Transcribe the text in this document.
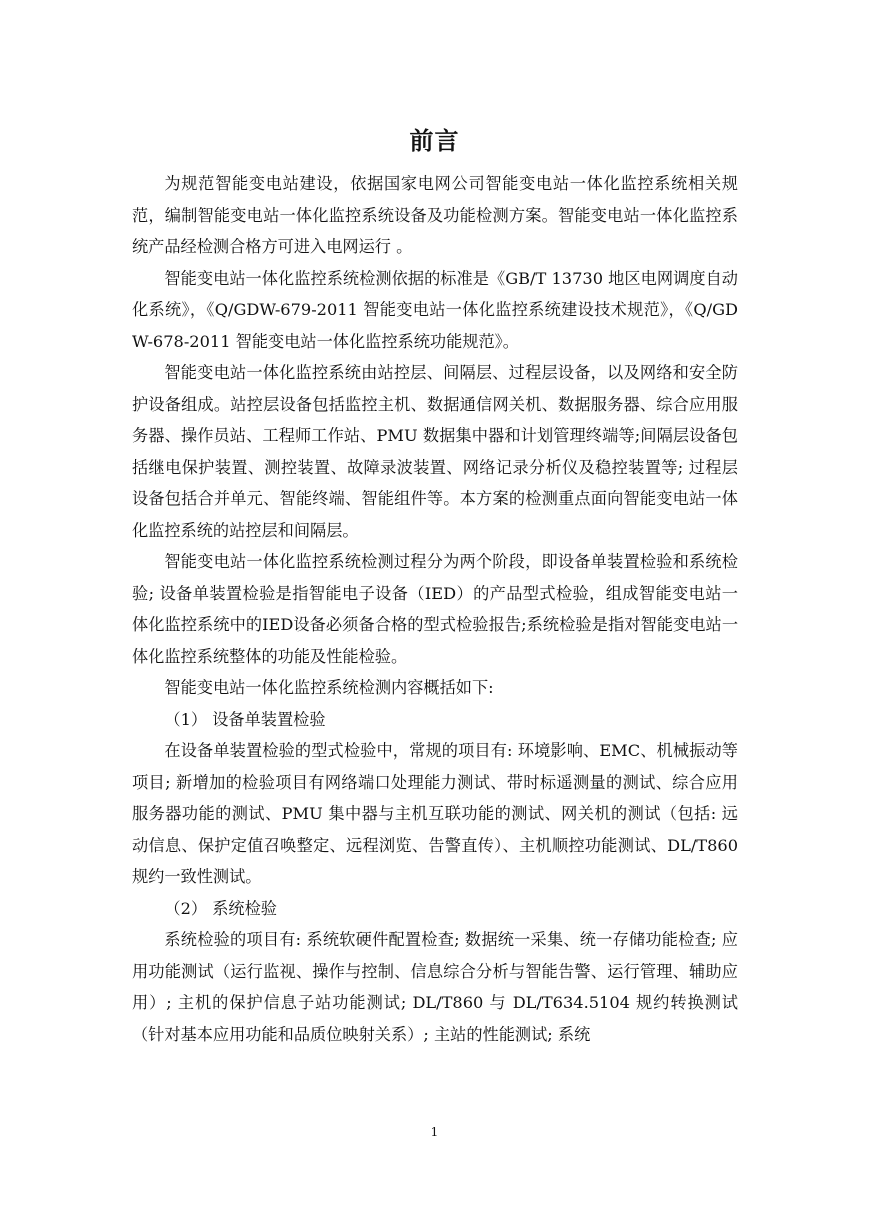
前言

为规范智能变电站建设，依据国家电网公司智能变电站一体化监控系统相关规范，编制智能变电站一体化监控系统设备及功能检测方案。智能变电站一体化监控系统产品经检测合格方可进入电网运行 。

智能变电站一体化监控系统检测依据的标准是《GB/T 13730 地区电网调度自动化系统》，《Q/GDW-679-2011 智能变电站一体化监控系统建设技术规范》，《Q/GDW-678-2011 智能变电站一体化监控系统功能规范》。

智能变电站一体化监控系统由站控层、间隔层、过程层设备，以及网络和安全防护设备组成。站控层设备包括监控主机、数据通信网关机、数据服务器、综合应用服务器、操作员站、工程师工作站、PMU 数据集中器和计划管理终端等;间隔层设备包括继电保护装置、测控装置、故障录波装置、网络记录分析仪及稳控装置等; 过程层设备包括合并单元、智能终端、智能组件等。本方案的检测重点面向智能变电站一体化监控系统的站控层和间隔层。

智能变电站一体化监控系统检测过程分为两个阶段，即设备单装置检验和系统检验; 设备单装置检验是指智能电子设备（IED）的产品型式检验，组成智能变电站一体化监控系统中的IED设备必须备合格的型式检验报告;系统检验是指对智能变电站一体化监控系统整体的功能及性能检验。

智能变电站一体化监控系统检测内容概括如下:

（1） 设备单装置检验

在设备单装置检验的型式检验中，常规的项目有: 环境影响、EMC、机械振动等项目; 新增加的检验项目有网络端口处理能力测试、带时标遥测量的测试、综合应用服务器功能的测试、PMU 集中器与主机互联功能的测试、网关机的测试（包括: 远动信息、保护定值召唤整定、远程浏览、告警直传）、主机顺控功能测试、DL/T860 规约一致性测试。

（2） 系统检验

系统检验的项目有: 系统软硬件配置检查; 数据统一采集、统一存储功能检查; 应用功能测试（运行监视、操作与控制、信息综合分析与智能告警、运行管理、辅助应用）; 主机的保护信息子站功能测试; DL/T860 与 DL/T634.5104 规约转换测试（针对基本应用功能和品质位映射关系）; 主站的性能测试; 系统

1
